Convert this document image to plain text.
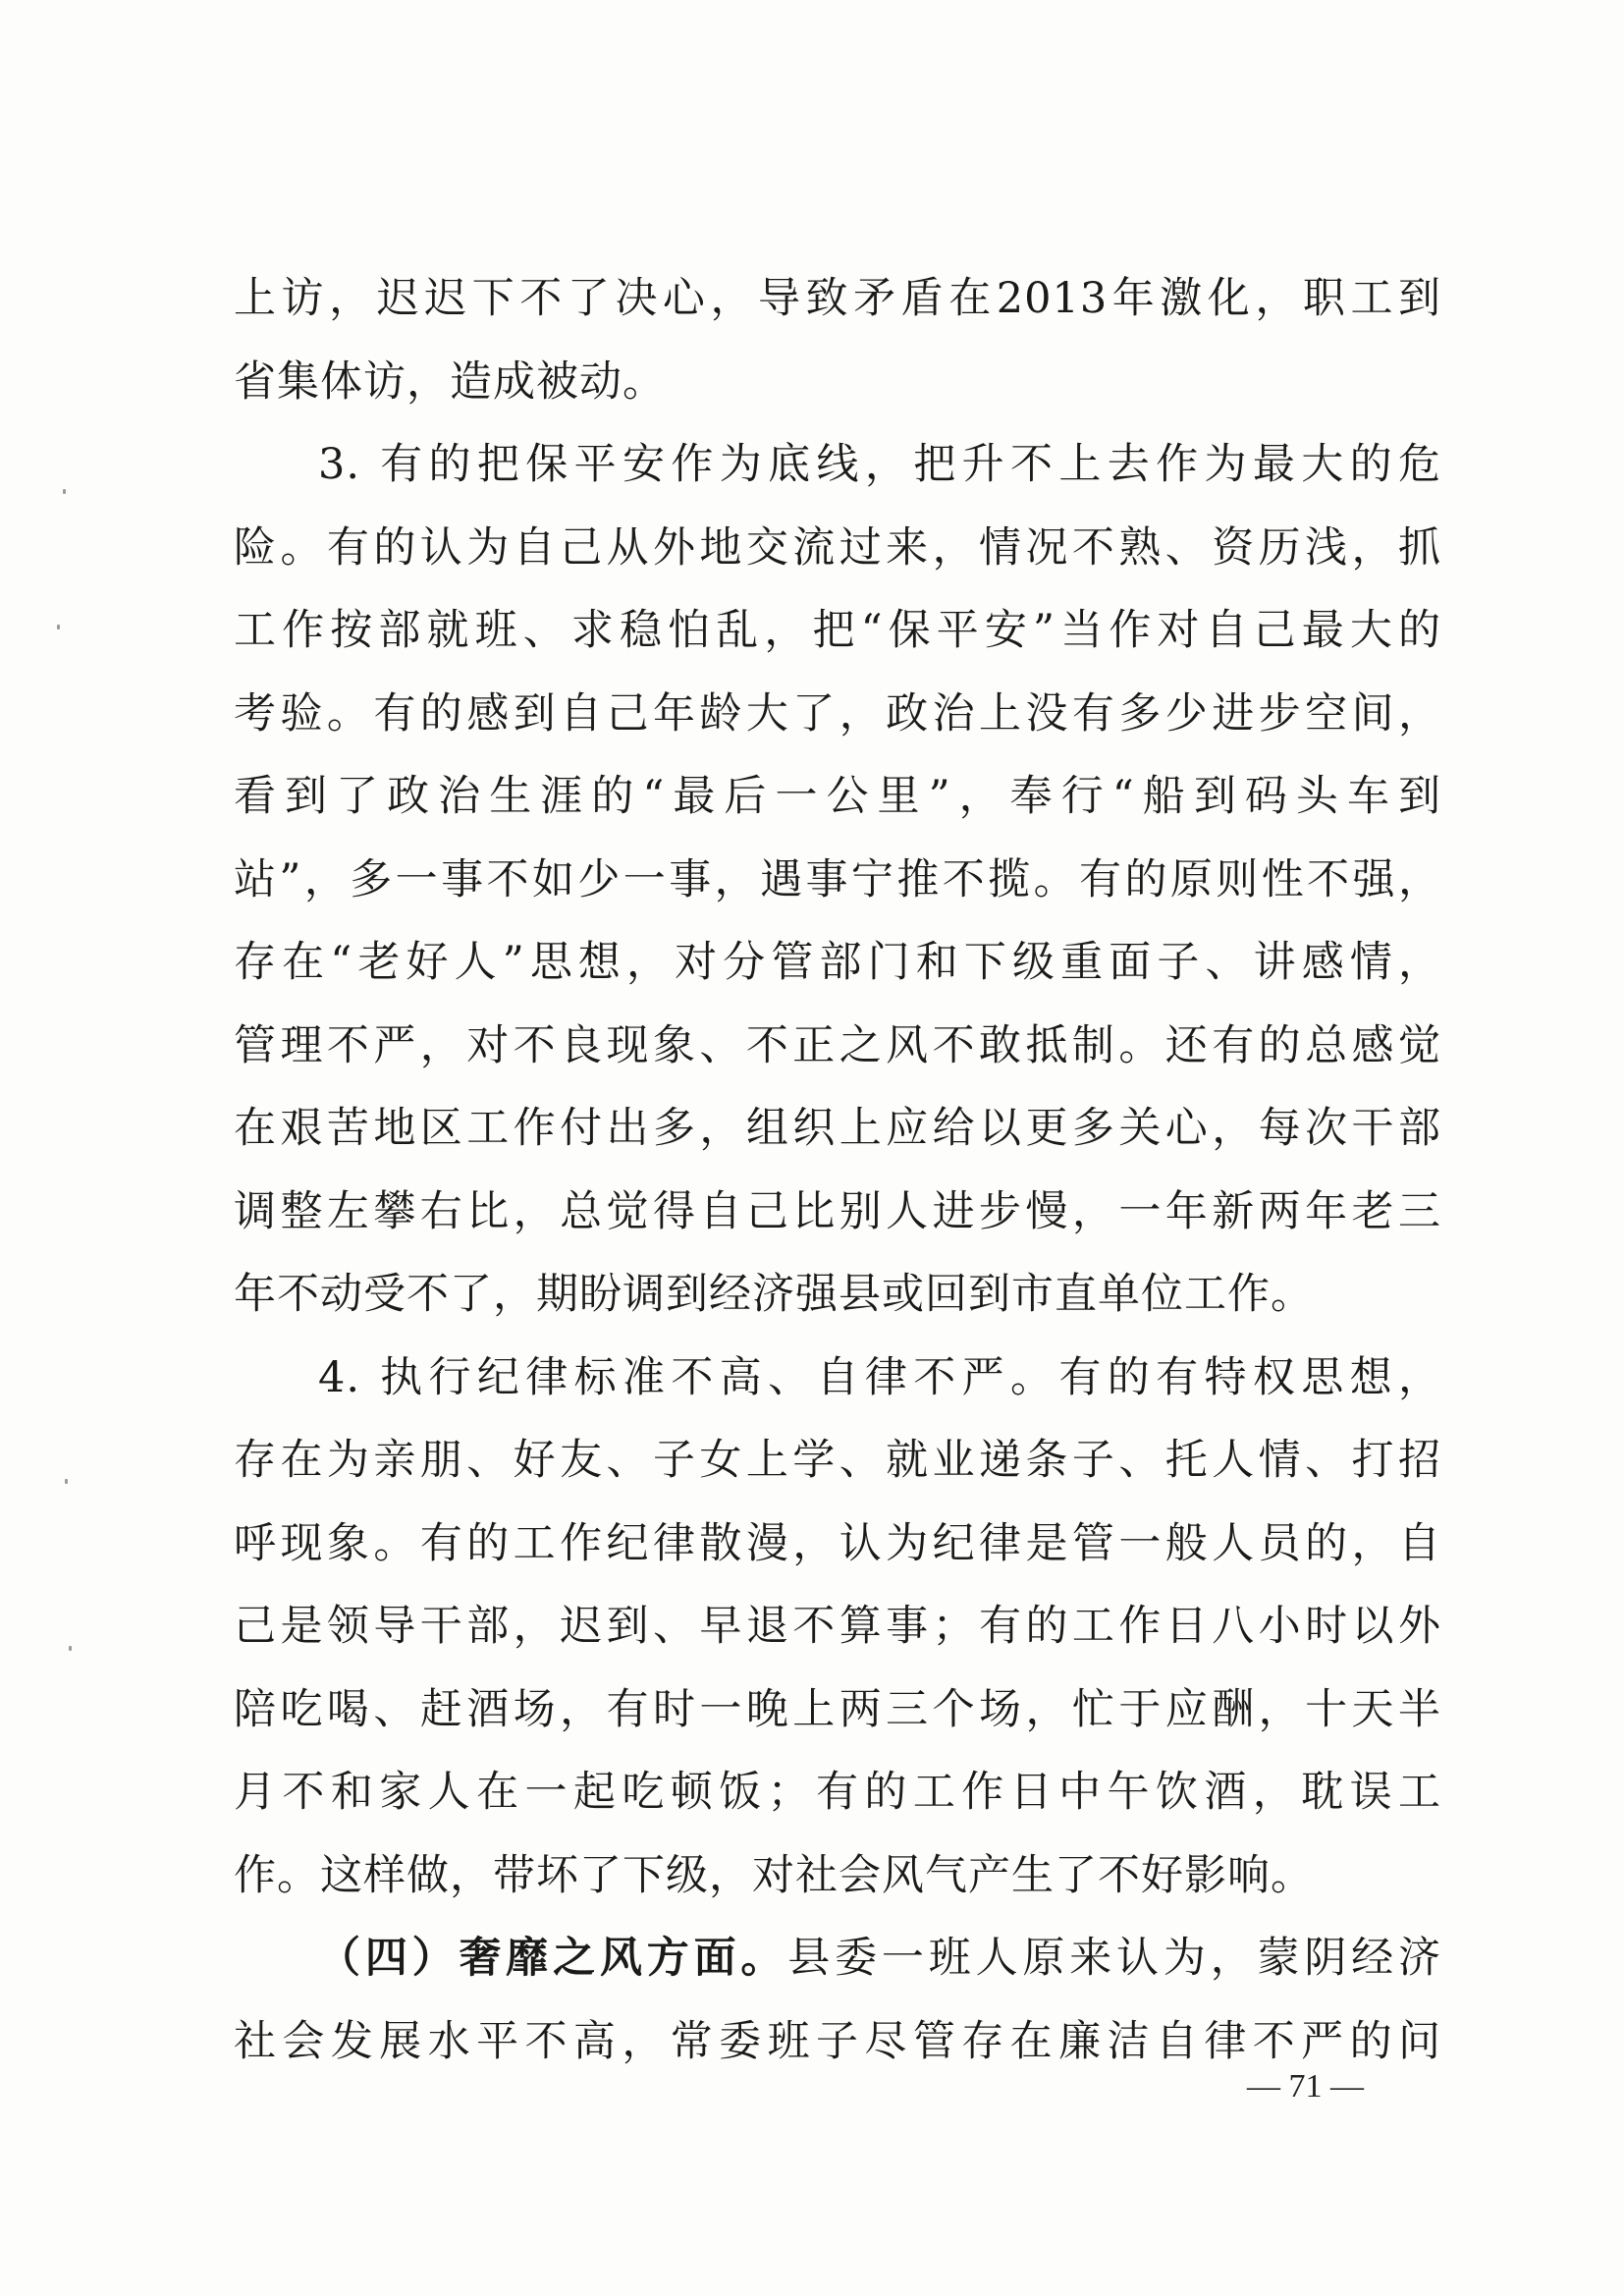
上访，迟迟下不了决心，导致矛盾在2013年激化，职工到
省集体访，造成被动。
3. 有的把保平安作为底线，把升不上去作为最大的危
险。有的认为自己从外地交流过来，情况不熟、资历浅，抓
工作按部就班、求稳怕乱，把“保平安”当作对自己最大的
考验。有的感到自己年龄大了，政治上没有多少进步空间，
看到了政治生涯的“最后一公里”，奉行“船到码头车到
站”，多一事不如少一事，遇事宁推不揽。有的原则性不强，
存在“老好人”思想，对分管部门和下级重面子、讲感情，
管理不严，对不良现象、不正之风不敢抵制。还有的总感觉
在艰苦地区工作付出多，组织上应给以更多关心，每次干部
调整左攀右比，总觉得自己比别人进步慢，一年新两年老三
年不动受不了，期盼调到经济强县或回到市直单位工作。
4. 执行纪律标准不高、自律不严。有的有特权思想，
存在为亲朋、好友、子女上学、就业递条子、托人情、打招
呼现象。有的工作纪律散漫，认为纪律是管一般人员的，自
己是领导干部，迟到、早退不算事；有的工作日八小时以外
陪吃喝、赶酒场，有时一晚上两三个场，忙于应酬，十天半
月不和家人在一起吃顿饭；有的工作日中午饮酒，耽误工
作。这样做，带坏了下级，对社会风气产生了不好影响。
（四）奢靡之风方面。县委一班人原来认为，蒙阴经济
社会发展水平不高，常委班子尽管存在廉洁自律不严的问
— 71 —
